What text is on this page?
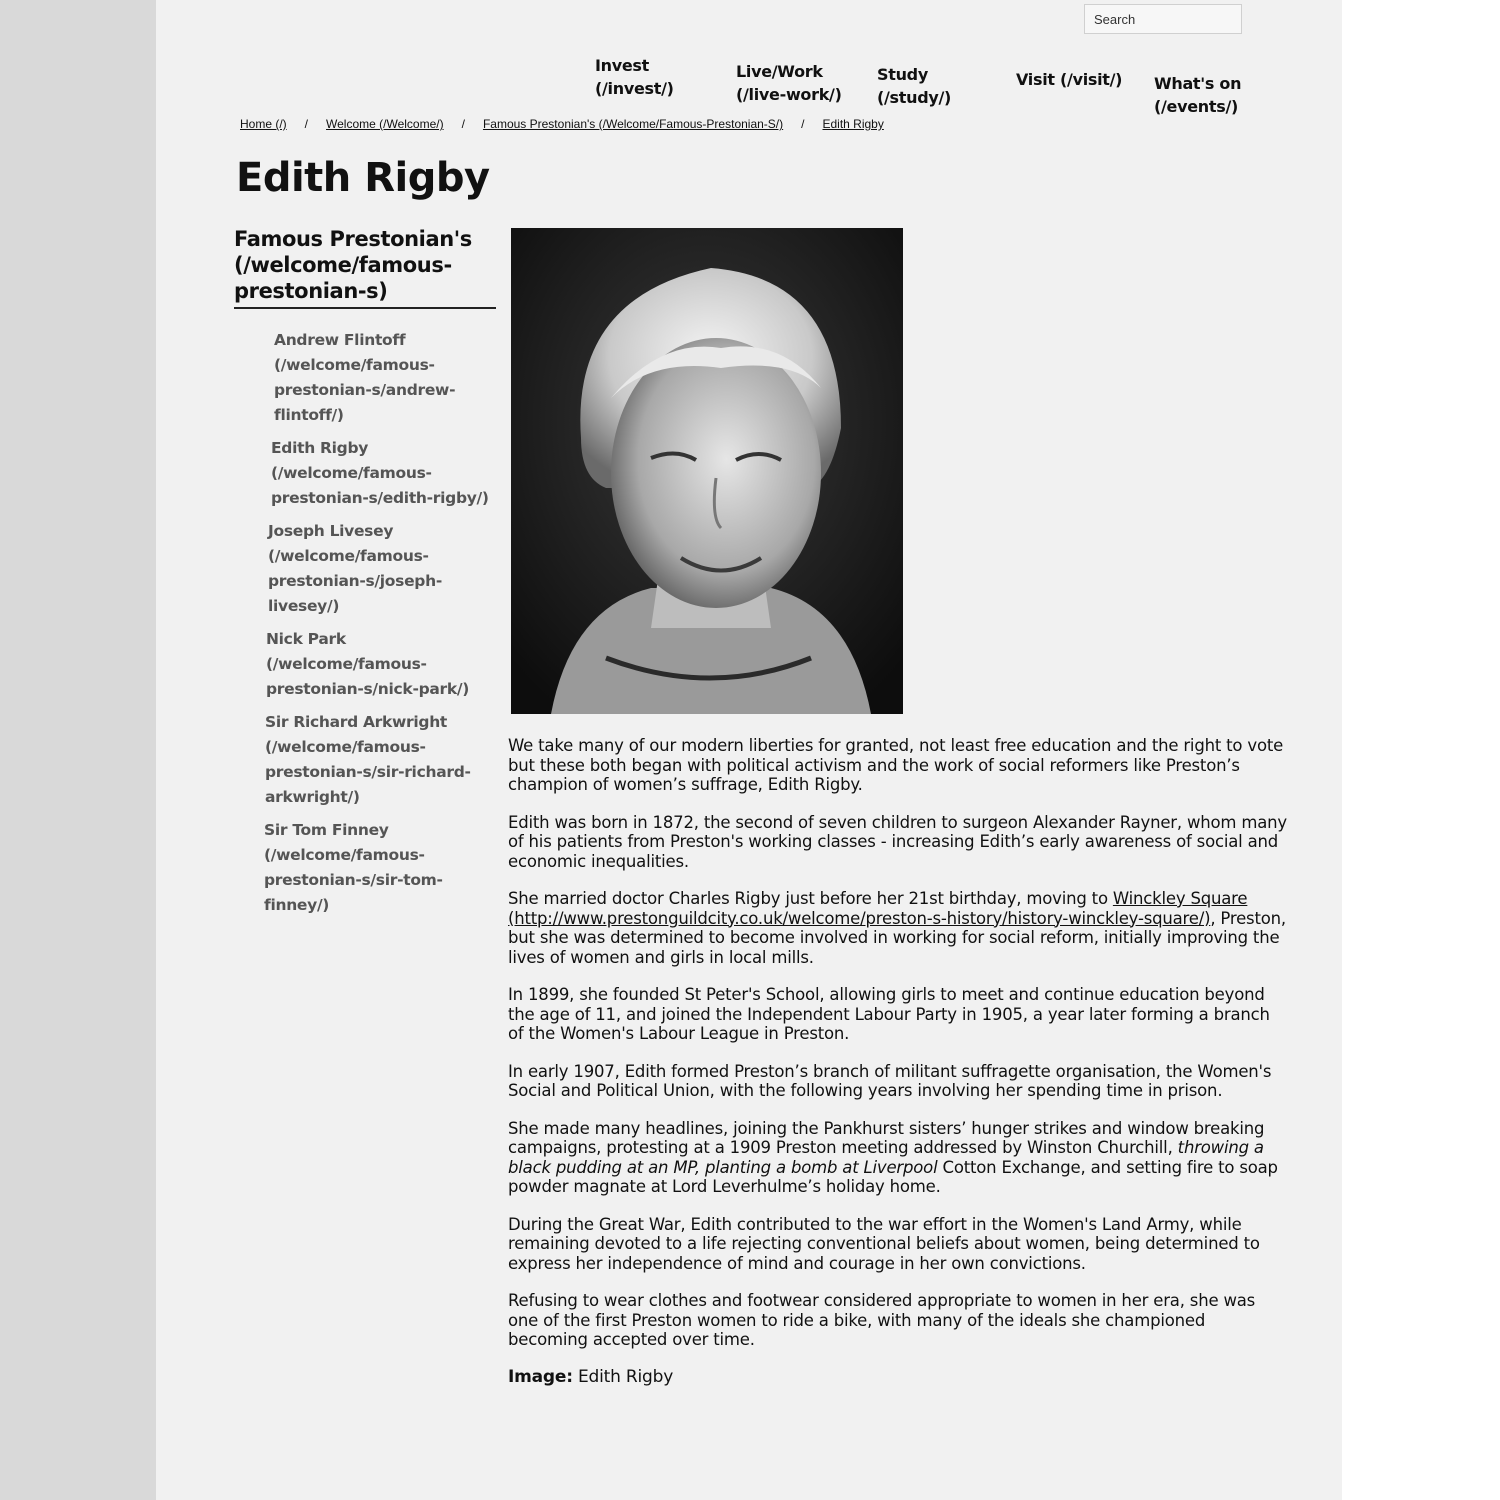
Search
Invest
(/invest/)
Live/Work
(/live-work/)
Study
(/study/)
Visit (/visit/) What's on
(/events/)
Home (/) / Welcome (/Welcome/) / Famous Prestonian's (/Welcome/Famous-Prestonian-S/) / Edith Rigby
Edith Rigby
Famous Prestonian's
(/welcome/famous-
prestonian-s)
Andrew Flintoff
(/welcome/famous-
prestonian-s/andrew-
flintoff/)
Edith Rigby
(/welcome/famous-
prestonian-s/edith-rigby/)
Joseph Livesey
(/welcome/famous-
prestonian-s/joseph-
livesey/)
Nick Park
(/welcome/famous-
prestonian-s/nick-park/)
Sir Richard Arkwright
(/welcome/famous-
prestonian-s/sir-richard-
arkwright/)
Sir Tom Finney
(/welcome/famous-
prestonian-s/sir-tom-
finney/)

We take many of our modern liberties for granted, not least free education and the right to vote but these both began with political activism and the work of social reformers like Preston’s champion of women’s suffrage, Edith Rigby.

Edith was born in 1872, the second of seven children to surgeon Alexander Rayner, whom many of his patients from Preston's working classes - increasing Edith’s early awareness of social and economic inequalities.

She married doctor Charles Rigby just before her 21st birthday, moving to Winckley Square (http://www.prestonguildcity.co.uk/welcome/preston-s-history/history-winckley-square/), Preston, but she was determined to become involved in working for social reform, initially improving the lives of women and girls in local mills.

In 1899, she founded St Peter's School, allowing girls to meet and continue education beyond the age of 11, and joined the Independent Labour Party in 1905, a year later forming a branch of the Women's Labour League in Preston.

In early 1907, Edith formed Preston’s branch of militant suffragette organisation, the Women's Social and Political Union, with the following years involving her spending time in prison.

She made many headlines, joining the Pankhurst sisters’ hunger strikes and window breaking campaigns, protesting at a 1909 Preston meeting addressed by Winston Churchill, throwing a black pudding at an MP, planting a bomb at Liverpool Cotton Exchange, and setting fire to soap powder magnate at Lord Leverhulme’s holiday home.

During the Great War, Edith contributed to the war effort in the Women's Land Army, while remaining devoted to a life rejecting conventional beliefs about women, being determined to express her independence of mind and courage in her own convictions.

Refusing to wear clothes and footwear considered appropriate to women in her era, she was one of the first Preston women to ride a bike, with many of the ideals she championed becoming accepted over time.

Image: Edith Rigby
